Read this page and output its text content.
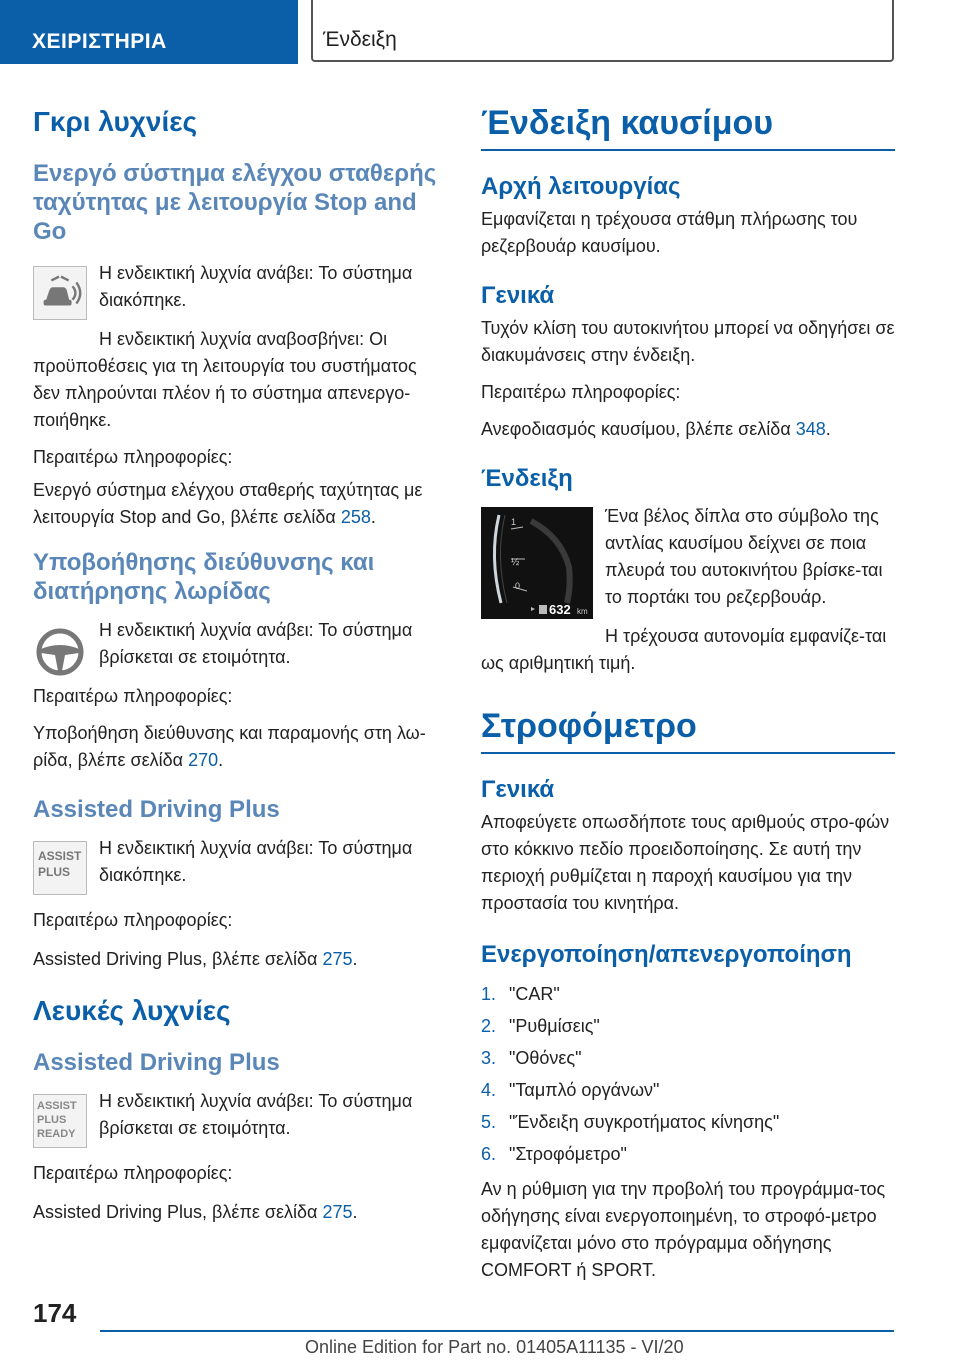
ΧΕΙΡΙΣΤΗΡΙΑ	Ένδειξη
Γκρι λυχνίες
Ενεργό σύστημα ελέγχου σταθερής ταχύτητας με λειτουργία Stop and Go

Η ενδεικτική λυχνία ανάβει: Το σύστημα διακόπηκε.

Η ενδεικτική λυχνία αναβοσβήνει: Οι προϋποθέσεις για τη λειτουργία του συστήματος δεν πληρούνται πλέον ή το σύστημα απενεργο‐ποιήθηκε.

Περαιτέρω πληροφορίες:

Ενεργό σύστημα ελέγχου σταθερής ταχύτητας με λειτουργία Stop and Go, βλέπε σελίδα 258.

Υποβοήθησης διεύθυνσης και διατήρησης λωρίδας

Η ενδεικτική λυχνία ανάβει: Το σύστημα βρίσκεται σε ετοιμότητα.

Περαιτέρω πληροφορίες:

Υποβοήθηση διεύθυνσης και παραμονής στη λω‐ρίδα, βλέπε σελίδα 270.

Assisted Driving Plus
ASSIST
PLUS

Η ενδεικτική λυχνία ανάβει: Το σύστημα διακόπηκε.

Περαιτέρω πληροφορίες:

Assisted Driving Plus, βλέπε σελίδα 275.

Λευκές λυχνίες
Assisted Driving Plus
ASSIST
PLUS
READY

Η ενδεικτική λυχνία ανάβει: Το σύστημα βρίσκεται σε ετοιμότητα.

Περαιτέρω πληροφορίες:

Assisted Driving Plus, βλέπε σελίδα 275.

Ένδειξη καυσίμου
Αρχή λειτουργίας

Εμφανίζεται η τρέχουσα στάθμη πλήρωσης του ρεζερβουάρ καυσίμου.

Γενικά

Τυχόν κλίση του αυτοκινήτου μπορεί να οδηγήσει σε διακυμάνσεις στην ένδειξη.

Περαιτέρω πληροφορίες:

Ανεφοδιασμός καυσίμου, βλέπε σελίδα 348.

Ένδειξη
1
½
0
632 km

Ένα βέλος δίπλα στο σύμβολο της αντλίας καυσίμου δείχνει σε ποια πλευρά του αυτοκινήτου βρίσκε‐ται το πορτάκι του ρεζερβουάρ.

Η τρέχουσα αυτονομία εμφανίζε‐ται ως αριθμητική τιμή.

Στροφόμετρο
Γενικά

Αποφεύγετε οπωσδήποτε τους αριθμούς στρο‐φών στο κόκκινο πεδίο προειδοποίησης. Σε αυτή την περιοχή ρυθμίζεται η παροχή καυσίμου για την προστασία του κινητήρα.

Ενεργοποίηση/απενεργοποίηση
1. "CAR"
2. "Ρυθμίσεις"
3. "Οθόνες"
4. "Ταμπλό οργάνων"
5. "Ένδειξη συγκροτήματος κίνησης"
6. "Στροφόμετρο"

Αν η ρύθμιση για την προβολή του προγράμμα‐τος οδήγησης είναι ενεργοποιημένη, το στροφό‐μετρο εμφανίζεται μόνο στο πρόγραμμα οδήγησης COMFORT ή SPORT.

174
Online Edition for Part no. 01405A11135 - VI/20
